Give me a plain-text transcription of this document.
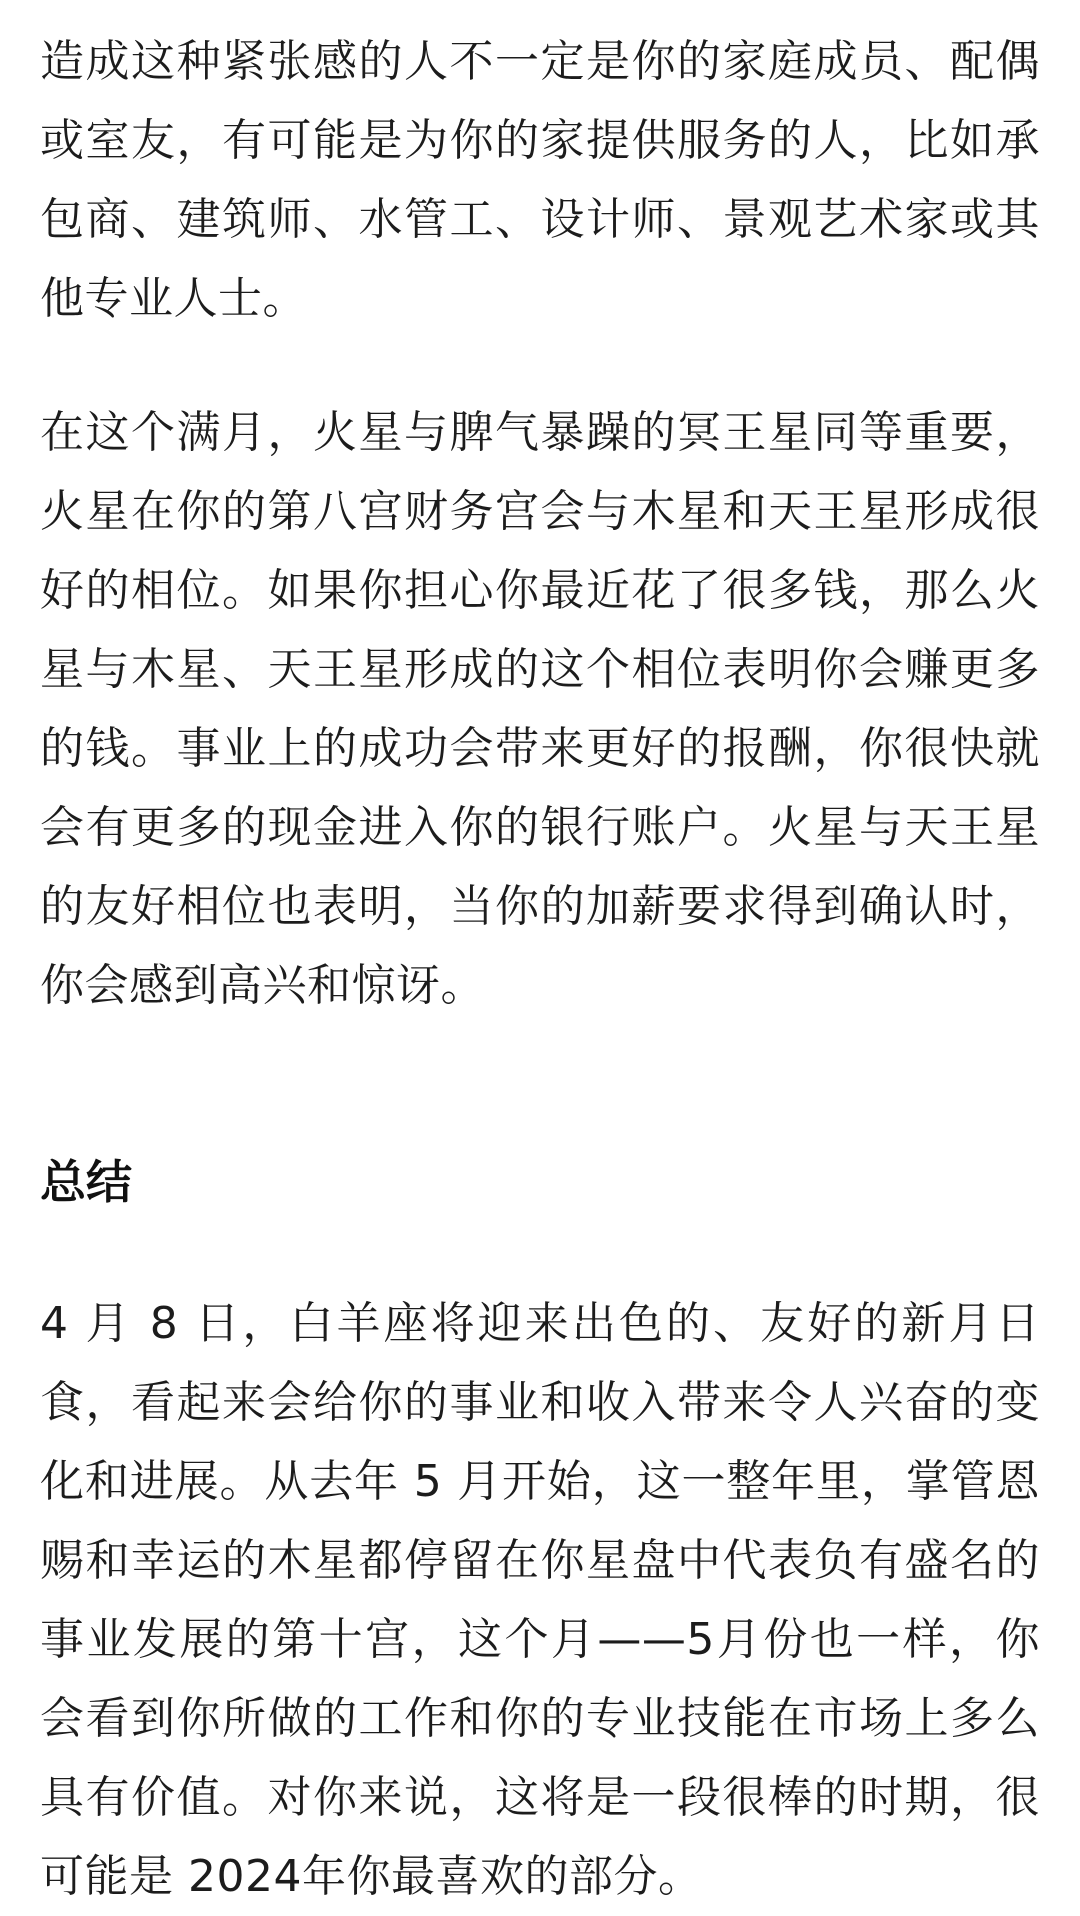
造成这种紧张感的人不一定是你的家庭成员、配偶或室友，有可能是为你的家提供服务的人，比如承包商、建筑师、水管工、设计师、景观艺术家或其他专业人士。

在这个满月，火星与脾气暴躁的冥王星同等重要，火星在你的第八宫财务宫会与木星和天王星形成很好的相位。如果你担心你最近花了很多钱，那么火星与木星、天王星形成的这个相位表明你会赚更多的钱。事业上的成功会带来更好的报酬，你很快就会有更多的现金进入你的银行账户。火星与天王星的友好相位也表明，当你的加薪要求得到确认时，你会感到高兴和惊讶。

总结

4 月 8 日，白羊座将迎来出色的、友好的新月日食，看起来会给你的事业和收入带来令人兴奋的变化和进展。从去年 5 月开始，这一整年里，掌管恩赐和幸运的木星都停留在你星盘中代表负有盛名的事业发展的第十宫，这个月——5月份也一样，你会看到你所做的工作和你的专业技能在市场上多么具有价值。对你来说，这将是一段很棒的时期，很可能是 2024年你最喜欢的部分。
